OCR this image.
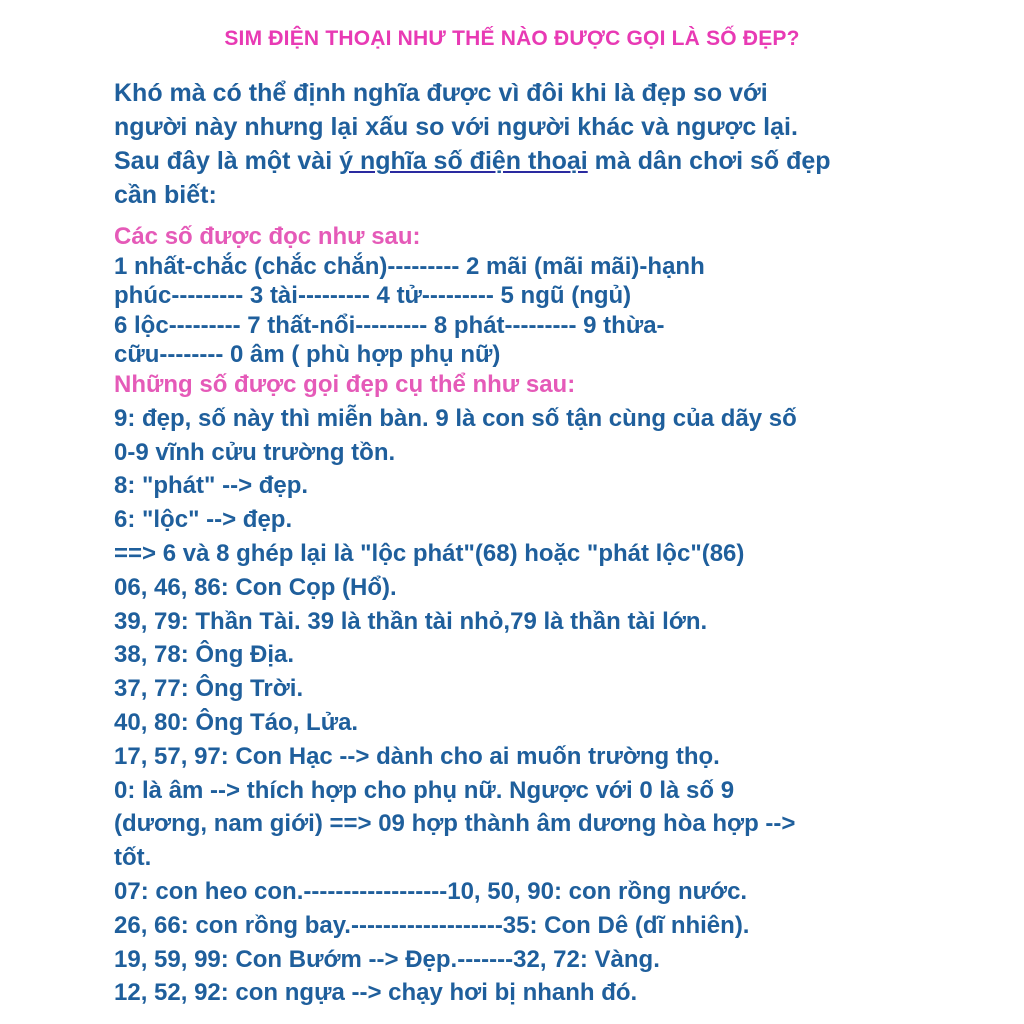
SIM ĐIỆN THOẠI NHƯ THẾ NÀO ĐƯỢC GỌI LÀ SỐ ĐẸP?
Khó mà có thể định nghĩa được vì đôi khi là đẹp so với
người này nhưng lại xấu so với người khác và ngược lại.
Sau đây là một vài ý nghĩa số điện thoại mà dân chơi số đẹp
cần biết:
Các số được đọc như sau:
1 nhất-chắc (chắc chắn)--------- 2 mãi (mãi mãi)-hạnh
phúc--------- 3 tài--------- 4 tử--------- 5 ngũ (ngủ)
6 lộc--------- 7 thất-nổi--------- 8 phát--------- 9 thừa-
cữu-------- 0 âm ( phù hợp phụ nữ)
Những số được gọi đẹp cụ thể như sau:
9: đẹp, số này thì miễn bàn. 9 là con số tận cùng của dãy số
0-9 vĩnh cửu trường tồn.
8: "phát" --> đẹp.
6: "lộc" --> đẹp.
==> 6 và 8 ghép lại là "lộc phát"(68) hoặc "phát lộc"(86)
06, 46, 86: Con Cọp (Hổ).
39, 79: Thần Tài. 39 là thần tài nhỏ,79 là thần tài lớn.
38, 78: Ông Địa.
37, 77: Ông Trời.
40, 80: Ông Táo, Lửa.
17, 57, 97: Con Hạc --> dành cho ai muốn trường thọ.
0: là âm --> thích hợp cho phụ nữ. Ngược với 0 là số 9
(dương, nam giới) ==> 09 hợp thành âm dương hòa hợp -->
tốt.
07: con heo con.------------------10, 50, 90: con rồng nước.
26, 66: con rồng bay.-------------------35: Con Dê (dĩ nhiên).
19, 59, 99: Con Bướm --> Đẹp.-------32, 72: Vàng.
12, 52, 92: con ngựa --> chạy hơi bị nhanh đó.
